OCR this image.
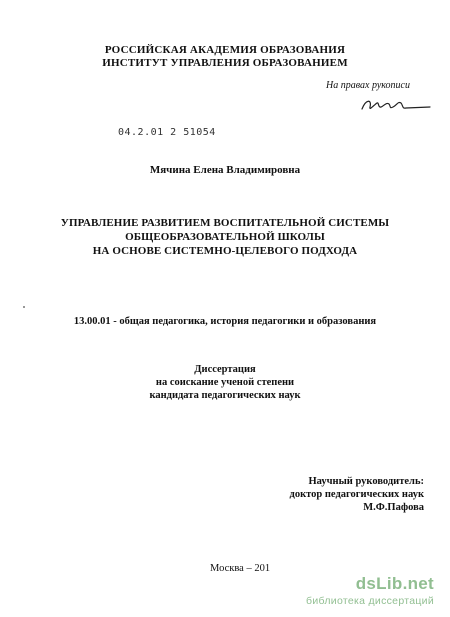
РОССИЙСКАЯ АКАДЕМИЯ ОБРАЗОВАНИЯ
ИНСТИТУТ УПРАВЛЕНИЯ ОБРАЗОВАНИЕМ
На правах рукописи
04.2.01 2 51054
Мячина Елена Владимировна
УПРАВЛЕНИЕ РАЗВИТИЕМ ВОСПИТАТЕЛЬНОЙ СИСТЕМЫ
ОБЩЕОБРАЗОВАТЕЛЬНОЙ ШКОЛЫ
НА ОСНОВЕ СИСТЕМНО-ЦЕЛЕВОГО ПОДХОДА
13.00.01 - общая педагогика, история педагогики и образования
Диссертация
на соискание ученой степени
кандидата педагогических наук
Научный руководитель:
доктор педагогических наук
М.Ф.Пафова
Москва – 201
dsLib.net
библиотека диссертаций
